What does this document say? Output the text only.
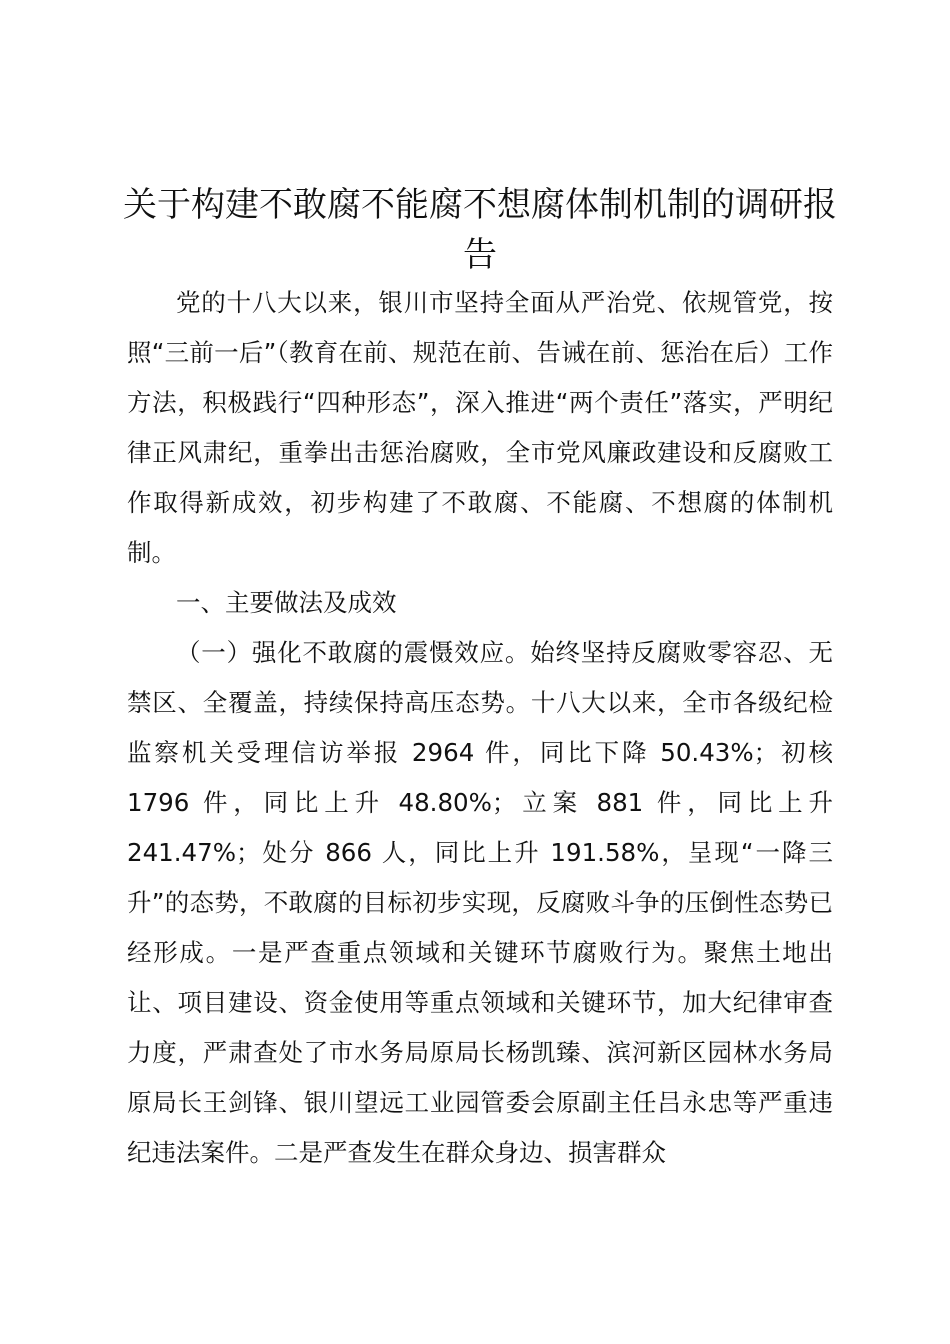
关于构建不敢腐不能腐不想腐体制机制的调研报告

党的十八大以来，银川市坚持全面从严治党、依规管党，按照“三前一后”（教育在前、规范在前、告诫在前、惩治在后）工作方法，积极践行“四种形态”，深入推进“两个责任”落实，严明纪律正风肃纪，重拳出击惩治腐败，全市党风廉政建设和反腐败工作取得新成效，初步构建了不敢腐、不能腐、不想腐的体制机制。

一、主要做法及成效

（一）强化不敢腐的震慑效应。始终坚持反腐败零容忍、无禁区、全覆盖，持续保持高压态势。十八大以来，全市各级纪检监察机关受理信访举报 2964 件，同比下降 50.43%；初核 1796 件，同比上升 48.80%；立案 881 件，同比上升241.47%；处分 866 人，同比上升 191.58%，呈现“一降三升”的态势，不敢腐的目标初步实现，反腐败斗争的压倒性态势已经形成。一是严查重点领域和关键环节腐败行为。聚焦土地出让、项目建设、资金使用等重点领域和关键环节，加大纪律审查力度，严肃查处了市水务局原局长杨凯臻、滨河新区园林水务局原局长王剑锋、银川望远工业园管委会原副主任吕永忠等严重违纪违法案件。二是严查发生在群众身边、损害群众
